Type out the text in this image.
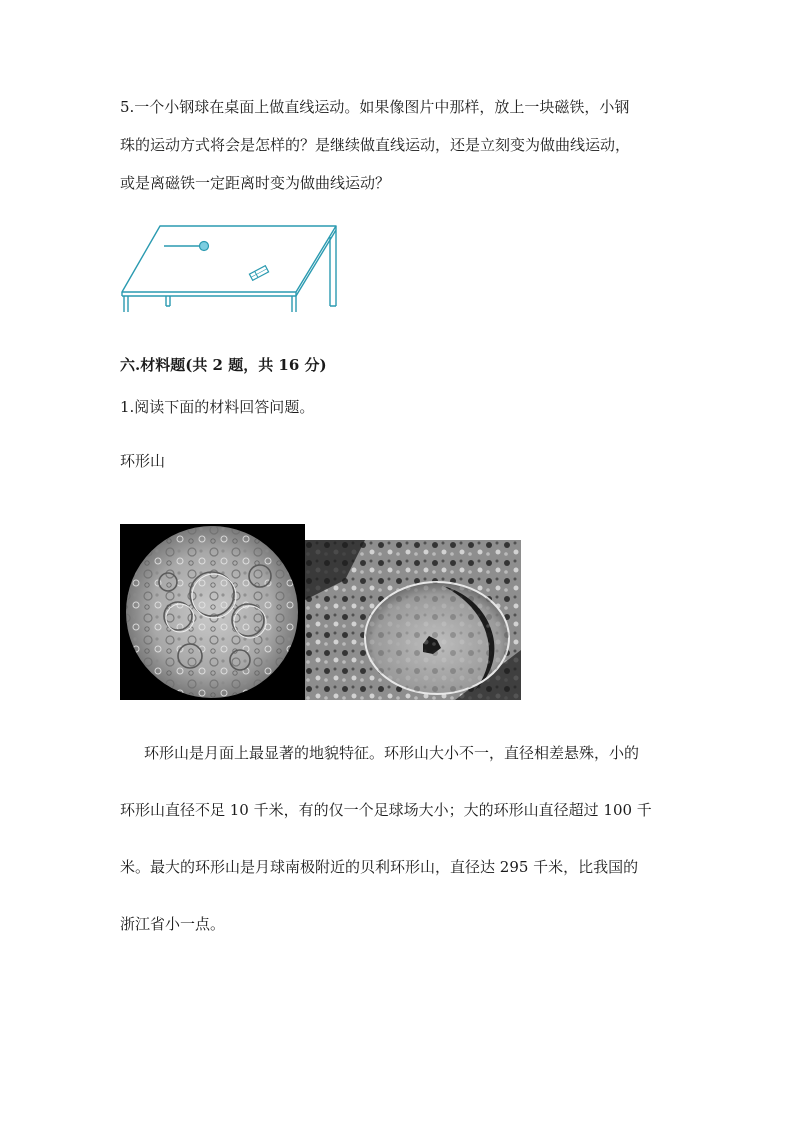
5.一个小钢球在桌面上做直线运动。如果像图片中那样，放上一块磁铁，小钢
珠的运动方式将会是怎样的？是继续做直线运动，还是立刻变为做曲线运动，
或是离磁铁一定距离时变为做曲线运动？
六.材料题(共 2 题，共 16 分)
1.阅读下面的材料回答问题。
环形山
环形山是月面上最显著的地貌特征。环形山大小不一，直径相差悬殊，小的
环形山直径不足 10 千米，有的仅一个足球场大小；大的环形山直径超过 100 千
米。最大的环形山是月球南极附近的贝利环形山，直径达 295 千米，比我国的
浙江省小一点。
